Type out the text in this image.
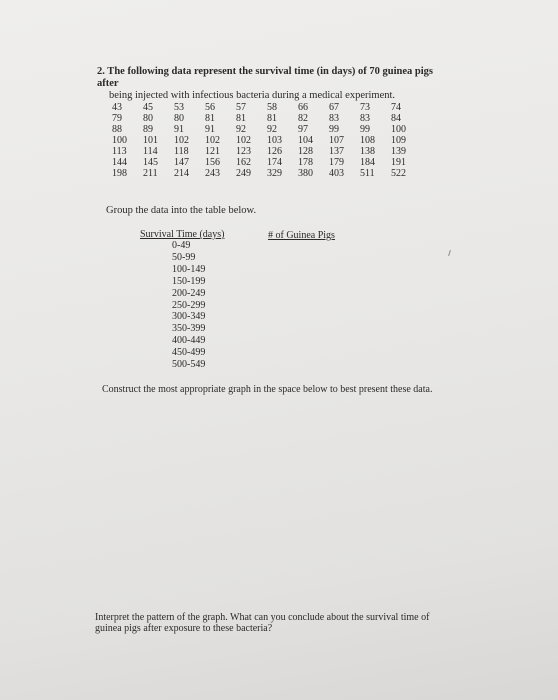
2. The following data represent the survival time (in days) of 70 guinea pigs after
being injected with infectious bacteria during a medical experiment.
43	45	53	56	57	58	66	67	73	74
79	80	80	81	81	81	82	83	83	84
88	89	91	91	92	92	97	99	99	100
100	101	102	102	102	103	104	107	108	109
113	114	118	121	123	126	128	137	138	139
144	145	147	156	162	174	178	179	184	191
198	211	214	243	249	329	380	403	511	522
Group the data into the table below.
Survival Time (days)	# of Guinea Pigs
0-49
50-99
100-149
150-199
200-249
250-299
300-349
350-399
400-449
450-499
500-549
Construct the most appropriate graph in the space below to best present these data.
Interpret the pattern of the graph. What can you conclude about the survival time of guinea pigs after exposure to these bacteria?
